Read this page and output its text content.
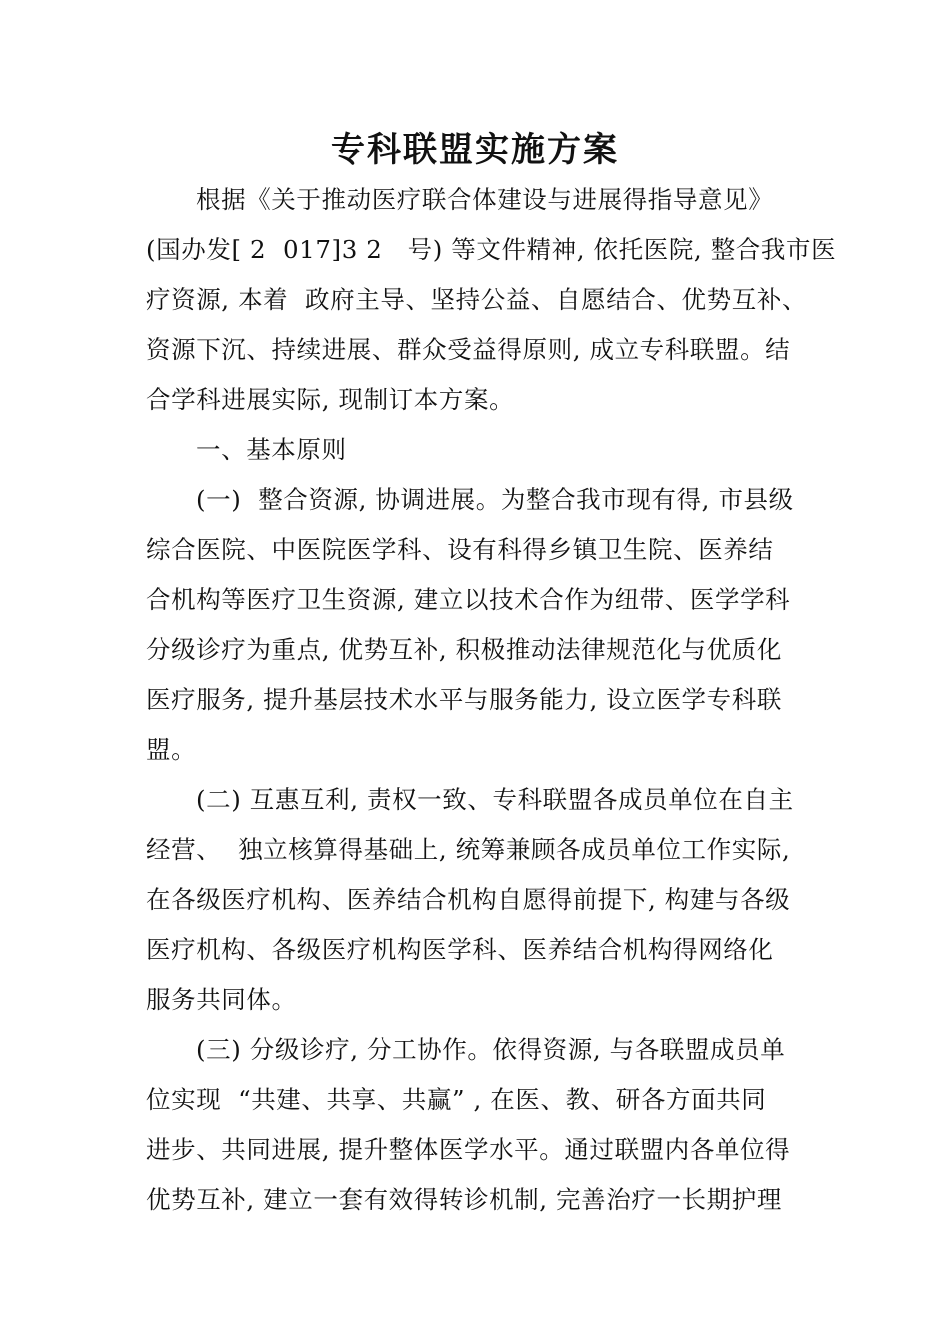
专科联盟实施方案
根据《关于推动医疗联合体建设与进展得指导意见》
(国办发[ 2  017]3 2   号) 等文件精神, 依托医院, 整合我市医
疗资源, 本着  政府主导、坚持公益、自愿结合、优势互补、
资源下沉、持续进展、群众受益得原则, 成立专科联盟。结
合学科进展实际, 现制订本方案。
一、基本原则
(一)  整合资源, 协调进展。为整合我市现有得, 市县级
综合医院、中医院医学科、设有科得乡镇卫生院、医养结
合机构等医疗卫生资源, 建立以技术合作为纽带、医学学科
分级诊疗为重点, 优势互补, 积极推动法律规范化与优质化
医疗服务, 提升基层技术水平与服务能力, 设立医学专科联
盟。
(二) 互惠互利, 责权一致、专科联盟各成员单位在自主
经营、  独立核算得基础上, 统筹兼顾各成员单位工作实际,
在各级医疗机构、医养结合机构自愿得前提下, 构建与各级
医疗机构、各级医疗机构医学科、医养结合机构得网络化
服务共同体。
(三) 分级诊疗, 分工协作。依得资源, 与各联盟成员单
位实现  “共建、共享、共赢” , 在医、教、研各方面共同
进步、共同进展, 提升整体医学水平。通过联盟内各单位得
优势互补, 建立一套有效得转诊机制, 完善治疗一长期护理
